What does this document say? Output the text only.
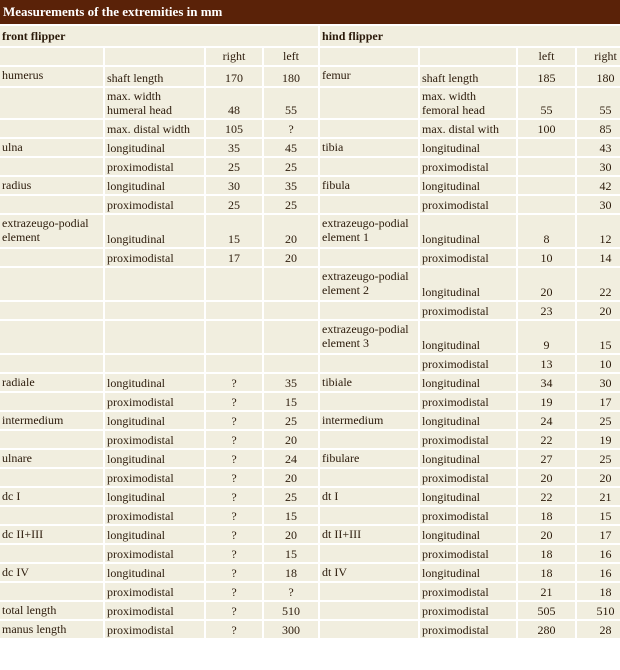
Measurements of the extremities in mm
front flipper				hind flipper			
		right	left			left	right
humerus	shaft length	170	180	femur	shaft length	185	180
	max. width humeral head	48	55		max. width femoral head	55	55
	max. distal width	105	?		max. distal with	100	85
ulna	longitudinal	35	45	tibia	longitudinal		43
	proximodistal	25	25		proximodistal		30
radius	longitudinal	30	35	fibula	longitudinal		42
	proximodistal	25	25		proximodistal		30
extrazeugo-podial element	longitudinal	15	20	extrazeugo-podial element 1	longitudinal	8	12
	proximodistal	17	20		proximodistal	10	14
				extrazeugo-podial element 2	longitudinal	20	22
					proximodistal	23	20
				extrazeugo-podial element 3	longitudinal	9	15
					proximodistal	13	10
radiale	longitudinal	?	35	tibiale	longitudinal	34	30
	proximodistal	?	15		proximodistal	19	17
intermedium	longitudinal	?	25	intermedium	longitudinal	24	25
	proximodistal	?	20		proximodistal	22	19
ulnare	longitudinal	?	24	fibulare	longitudinal	27	25
	proximodistal	?	20		proximodistal	20	20
dc I	longitudinal	?	25	dt I	longitudinal	22	21
	proximodistal	?	15		proximodistal	18	15
dc II+III	longitudinal	?	20	dt II+III	longitudinal	20	17
	proximodistal	?	15		proximodistal	18	16
dc IV	longitudinal	?	18	dt IV	longitudinal	18	16
	proximodistal	?	?		proximodistal	21	18
total length	proximodistal	?	510		proximodistal	505	510
manus length	proximodistal	?	300		proximodistal	280	28
